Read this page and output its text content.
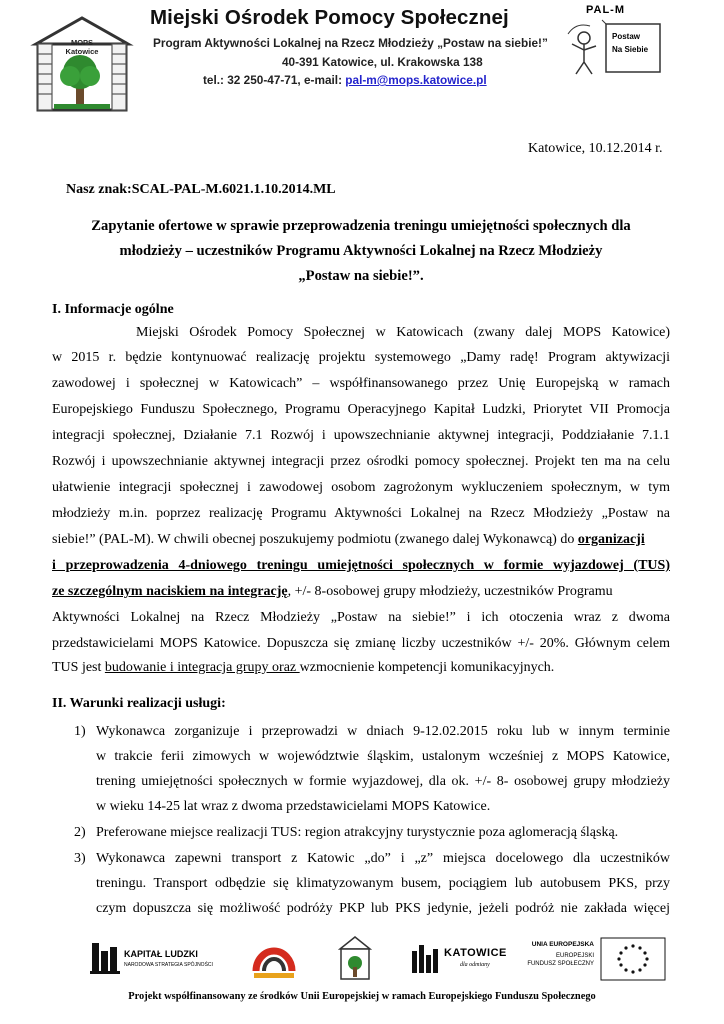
MOPS Katowice
Miejski Ośrodek Pomocy Społecznej
Program Aktywności Lokalnej na Rzecz Młodzieży „Postaw na siebie!”
40-391 Katowice, ul. Krakowska 138
tel.: 32 250-47-71, e-mail: pal-m@mops.katowice.pl
PAL-M
Postaw Na Siebie
Katowice, 10.12.2014 r.
Nasz znak:SCAL-PAL-M.6021.1.10.2014.ML
Zapytanie ofertowe w sprawie przeprowadzenia treningu umiejętności społecznych dla
młodzieży – uczestników Programu Aktywności Lokalnej na Rzecz Młodzieży
„Postaw na siebie!”.
I. Informacje ogólne
Miejski Ośrodek Pomocy Społecznej w Katowicach (zwany dalej MOPS Katowice)
w 2015 r. będzie kontynuować realizację projektu systemowego „Damy radę! Program aktywizacji
zawodowej i społecznej w Katowicach” – współfinansowanego przez Unię Europejską w ramach
Europejskiego Funduszu Społecznego, Programu Operacyjnego Kapitał Ludzki, Priorytet VII Promocja
integracji społecznej, Działanie 7.1 Rozwój i upowszechnianie aktywnej integracji, Poddziałanie 7.1.1
Rozwój i upowszechnianie aktywnej integracji przez ośrodki pomocy społecznej. Projekt ten ma na celu
ułatwienie integracji społecznej i zawodowej osobom zagrożonym wykluczeniem społecznym, w tym
młodzieży m.in. poprzez realizację Programu Aktywności Lokalnej na Rzecz Młodzieży „Postaw na
siebie!” (PAL-M). W chwili obecnej poszukujemy podmiotu (zwanego dalej Wykonawcą) do organizacji
i przeprowadzenia 4-dniowego treningu umiejętności społecznych w formie wyjazdowej (TUS)
ze szczególnym naciskiem na integrację, +/- 8-osobowej grupy młodzieży, uczestników Programu
Aktywności Lokalnej na Rzecz Młodzieży „Postaw na siebie!” i ich otoczenia wraz z dwoma
przedstawicielami MOPS Katowice. Dopuszcza się zmianę liczby uczestników +/- 20%. Głównym celem
TUS jest budowanie i integracja grupy oraz wzmocnienie kompetencji komunikacyjnych.
II. Warunki realizacji usługi:
1) Wykonawca zorganizuje i przeprowadzi w dniach 9-12.02.2015 roku lub w innym terminie
w trakcie ferii zimowych w województwie śląskim, ustalonym wcześniej z MOPS Katowice,
trening umiejętności społecznych w formie wyjazdowej, dla ok. +/- 8- osobowej grupy młodzieży
w wieku 14-25 lat wraz z dwoma przedstawicielami MOPS Katowice.
2) Preferowane miejsce realizacji TUS: region atrakcyjny turystycznie poza aglomeracją śląską.
3) Wykonawca zapewni transport z Katowic „do” i „z” miejsca docelowego dla uczestników
treningu. Transport odbędzie się klimatyzowanym busem, pociągiem lub autobusem PKS, przy
czym dopuszcza się możliwość podróży PKP lub PKS jedynie, jeżeli podróż nie zakłada więcej
KAPITAŁ LUDZKI
NARODOWA STRATEGIA SPÓJNOŚCI
KATOWICE
dla odmiany
UNIA EUROPEJSKA
EUROPEJSKI
FUNDUSZ SPOŁECZNY
Projekt współfinansowany ze środków Unii Europejskiej w ramach Europejskiego Funduszu Społecznego
